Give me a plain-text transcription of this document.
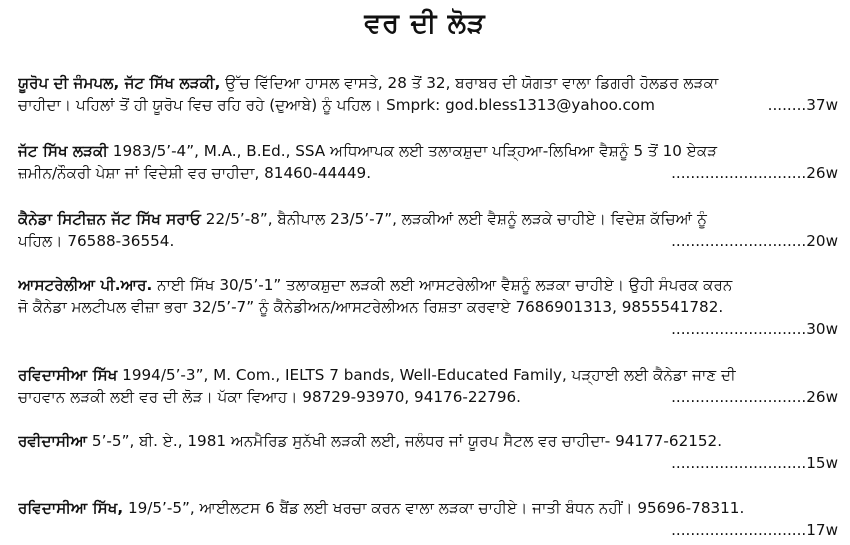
ਵਰ ਦੀ ਲੋੜ
ਯੂਰੋਪ ਦੀ ਜੰਮਪਲ, ਜੱਟ ਸਿੱਖ ਲੜਕੀ, ਉੱਚ ਵਿੱਦਿਆ ਹਾਸਲ ਵਾਸਤੇ, 28 ਤੋਂ 32, ਬਰਾਬਰ ਦੀ ਯੋਗਤਾ ਵਾਲਾ ਡਿਗਰੀ ਹੋਲਡਰ ਲੜਕਾ
ਚਾਹੀਦਾ। ਪਹਿਲਾਂ ਤੋਂ ਹੀ ਯੂਰੋਪ ਵਿਚ ਰਹਿ ਰਹੇ (ਦੁਆਬੇ) ਨੂੰ ਪਹਿਲ। Smprk: god.bless1313@yahoo.com	........37w
ਜੱਟ ਸਿੱਖ ਲੜਕੀ 1983/5’-4”, M.A., B.Ed., SSA ਅਧਿਆਪਕ ਲਈ ਤਲਾਕਸ਼ੁਦਾ ਪੜ੍ਹਿਆ-ਲਿਖਿਆ ਵੈਸ਼ਨੂੰ 5 ਤੋਂ 10 ਏਕੜ
ਜ਼ਮੀਨ/ਨੌਕਰੀ ਪੇਸ਼ਾ ਜਾਂ ਵਿਦੇਸ਼ੀ ਵਰ ਚਾਹੀਦਾ, 81460-44449.	............................26w
ਕੈਨੇਡਾ ਸਿਟੀਜ਼ਨ ਜੱਟ ਸਿੱਖ ਸਰਾਓ 22/5’-8”, ਬੈਨੀਪਾਲ 23/5’-7”, ਲੜਕੀਆਂ ਲਈ ਵੈਸ਼ਨੂੰ ਲੜਕੇ ਚਾਹੀਏ। ਵਿਦੇਸ਼ ਕੱਚਿਆਂ ਨੂੰ
ਪਹਿਲ। 76588-36554.	............................20w
ਆਸਟਰੇਲੀਆ ਪੀ.ਆਰ. ਨਾਈ ਸਿੱਖ 30/5’-1” ਤਲਾਕਸ਼ੁਦਾ ਲੜਕੀ ਲਈ ਆਸਟਰੇਲੀਆ ਵੈਸ਼ਨੂੰ ਲੜਕਾ ਚਾਹੀਏ। ਉਹੀ ਸੰਪਰਕ ਕਰਨ
ਜੋ ਕੈਨੇਡਾ ਮਲਟੀਪਲ ਵੀਜ਼ਾ ਭਰਾ 32/5’-7” ਨੂੰ ਕੈਨੇਡੀਅਨ/ਆਸਟਰੇਲੀਅਨ ਰਿਸ਼ਤਾ ਕਰਵਾਏ 7686901313, 9855541782.
............................30w
ਰਵਿਦਾਸੀਆ ਸਿੱਖ 1994/5’-3”, M. Com., IELTS 7 bands, Well-Educated Family, ਪੜ੍ਹਾਈ ਲਈ ਕੈਨੇਡਾ ਜਾਣ ਦੀ
ਚਾਹਵਾਨ ਲੜਕੀ ਲਈ ਵਰ ਦੀ ਲੋੜ। ਪੱਕਾ ਵਿਆਹ। 98729-93970, 94176-22796.	............................26w
ਰਵੀਦਾਸੀਆ 5’-5”, ਬੀ. ਏ., 1981 ਅਨਮੈਰਿਡ ਸੁਨੱਖੀ ਲੜਕੀ ਲਈ, ਜਲੰਧਰ ਜਾਂ ਯੂਰਪ ਸੈਟਲ ਵਰ ਚਾਹੀਦਾ- 94177-62152.
............................15w
ਰਵਿਦਾਸੀਆ ਸਿੱਖ, 19/5’-5”, ਆਈਲਟਸ 6 ਬੈਂਡ ਲਈ ਖਰਚਾ ਕਰਨ ਵਾਲਾ ਲੜਕਾ ਚਾਹੀਏ। ਜਾਤੀ ਬੰਧਨ ਨਹੀਂ। 95696-78311.
............................17w
